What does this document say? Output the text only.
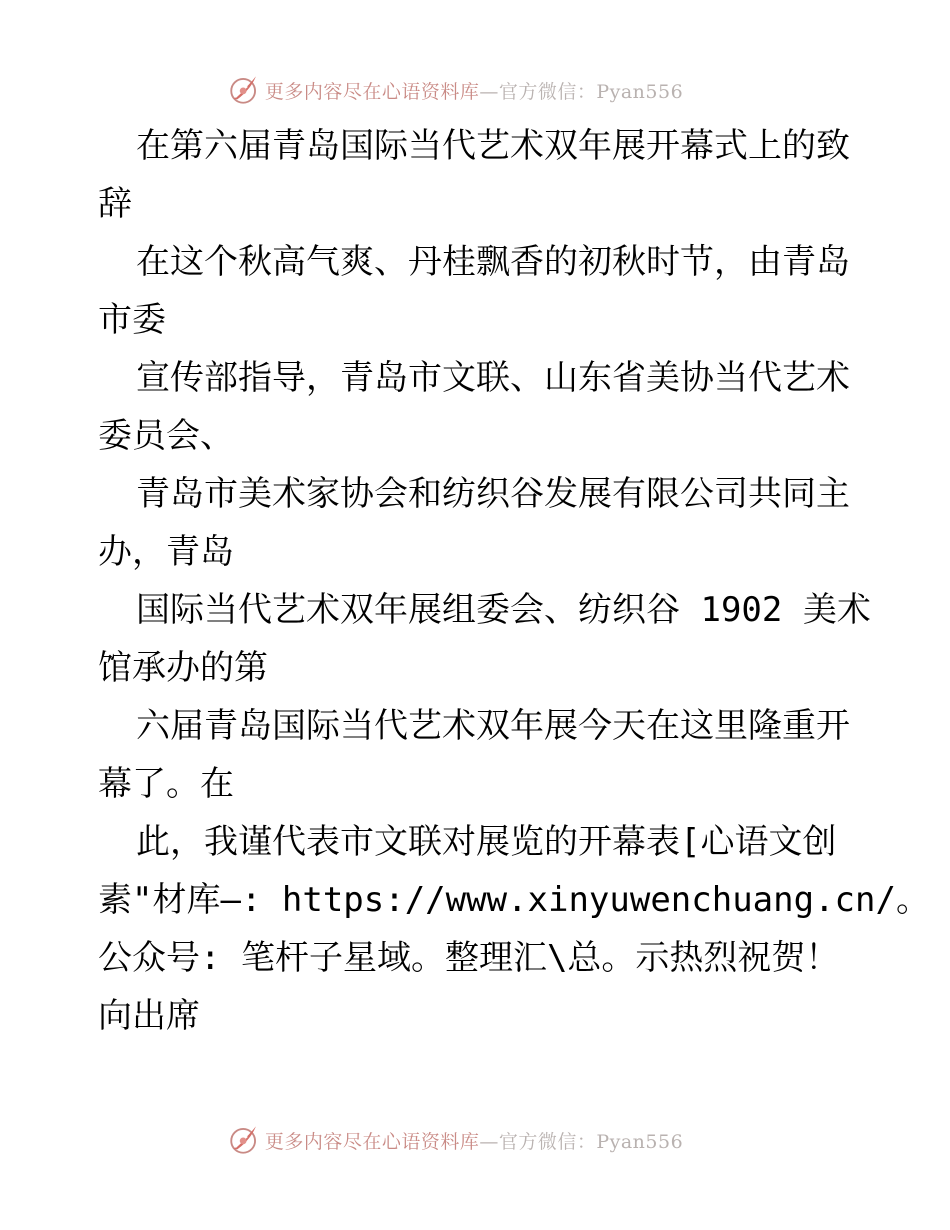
更多内容尽在心语资料库—官方微信：Pyan556

在第六届青岛国际当代艺术双年展开幕式上的致

辞

在这个秋高气爽、丹桂飘香的初秋时节，由青岛

市委

宣传部指导，青岛市文联、山东省美协当代艺术

委员会、

青岛市美术家协会和纺织谷发展有限公司共同主

办，青岛

国际当代艺术双年展组委会、纺织谷 1902 美术

馆承办的第

六届青岛国际当代艺术双年展今天在这里隆重开

幕了。在

此，我谨代表市文联对展览的开幕表[心语文创

素"材库—: https://www.xinyuwenchuang.cn/。

公众号: 笔杆子星域。整理汇\总。示热烈祝贺！

向出席

更多内容尽在心语资料库—官方微信：Pyan556
